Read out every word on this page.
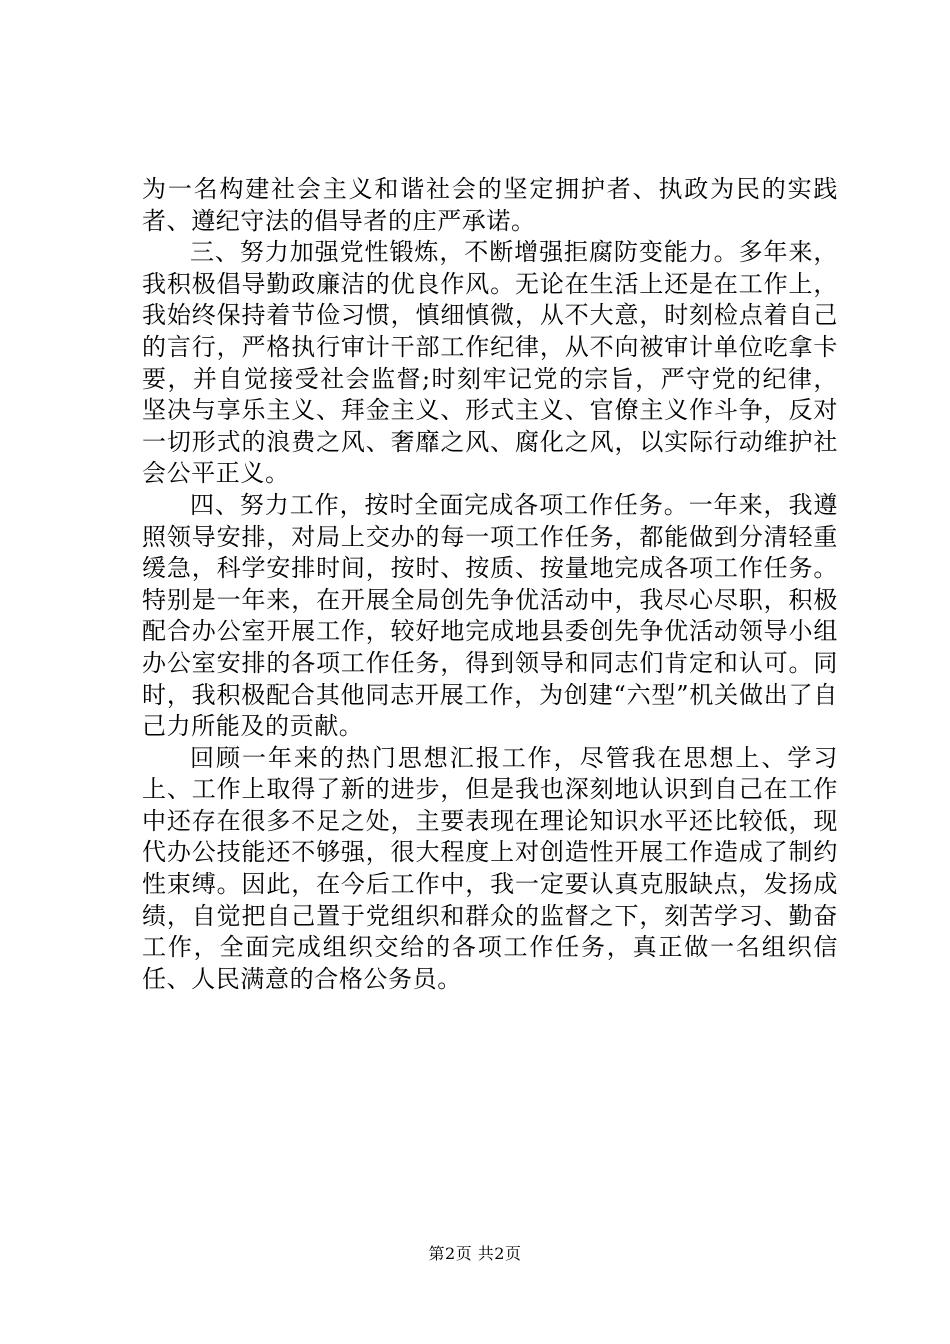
为一名构建社会主义和谐社会的坚定拥护者、执政为民的实践者、遵纪守法的倡导者的庄严承诺。

三、努力加强党性锻炼，不断增强拒腐防变能力。多年来，我积极倡导勤政廉洁的优良作风。无论在生活上还是在工作上，我始终保持着节俭习惯，慎细慎微，从不大意，时刻检点着自己的言行，严格执行审计干部工作纪律，从不向被审计单位吃拿卡要，并自觉接受社会监督;时刻牢记党的宗旨，严守党的纪律，坚决与享乐主义、拜金主义、形式主义、官僚主义作斗争，反对一切形式的浪费之风、奢靡之风、腐化之风，以实际行动维护社会公平正义。

四、努力工作，按时全面完成各项工作任务。一年来，我遵照领导安排，对局上交办的每一项工作任务，都能做到分清轻重缓急，科学安排时间，按时、按质、按量地完成各项工作任务。特别是一年来，在开展全局创先争优活动中，我尽心尽职，积极配合办公室开展工作，较好地完成地县委创先争优活动领导小组办公室安排的各项工作任务，得到领导和同志们肯定和认可。同时，我积极配合其他同志开展工作，为创建“六型”机关做出了自己力所能及的贡献。

回顾一年来的热门思想汇报工作，尽管我在思想上、学习上、工作上取得了新的进步，但是我也深刻地认识到自己在工作中还存在很多不足之处，主要表现在理论知识水平还比较低，现代办公技能还不够强，很大程度上对创造性开展工作造成了制约性束缚。因此，在今后工作中，我一定要认真克服缺点，发扬成绩，自觉把自己置于党组织和群众的监督之下，刻苦学习、勤奋工作，全面完成组织交给的各项工作任务，真正做一名组织信任、人民满意的合格公务员。

第2页 共2页
